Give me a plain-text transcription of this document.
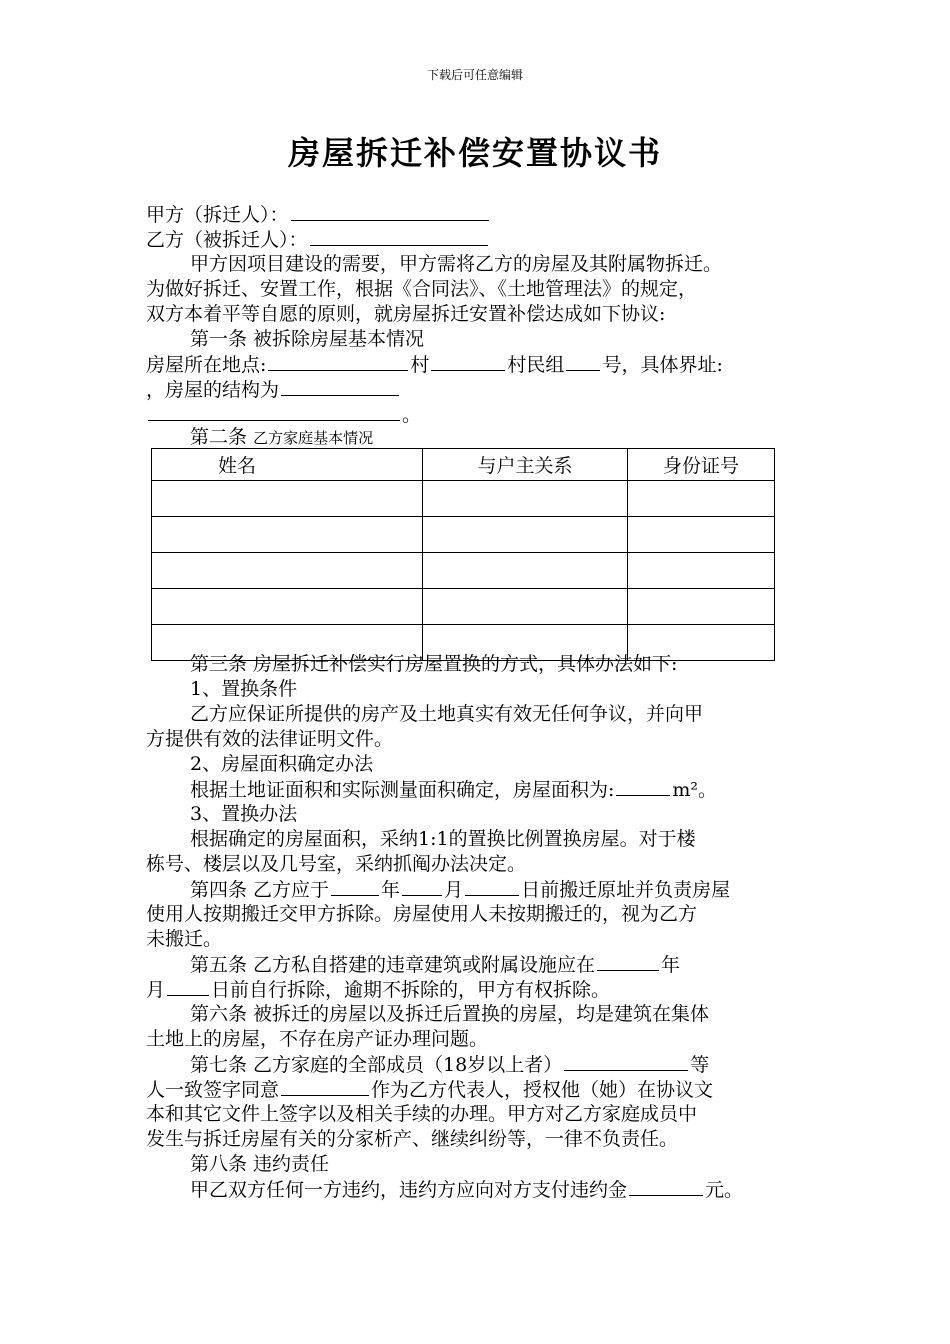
下载后可任意编辑
房屋拆迁补偿安置协议书
甲方（拆迁人）：
乙方（被拆迁人）：
甲方因项目建设的需要，甲方需将乙方的房屋及其附属物拆迁。
为做好拆迁、安置工作，根据《合同法》、《土地管理法》的规定，
双方本着平等自愿的原则，就房屋拆迁安置补偿达成如下协议:
第一条 被拆除房屋基本情况
房屋所在地点:	村	村民组 号，具体界址:
，房屋的结构为
。
第二条 乙方家庭基本情况
姓名	与户主关系	身份证号

第三条 房屋拆迁补偿实行房屋置换的方式，具体办法如下:
1、置换条件
乙方应保证所提供的房产及土地真实有效无任何争议，并向甲
方提供有效的法律证明文件。
2、房屋面积确定办法
根据土地证面积和实际测量面积确定，房屋面积为:	m²。
3、置换办法
根据确定的房屋面积，采纳1:1的置换比例置换房屋。对于楼
栋号、楼层以及几号室，采纳抓阄办法决定。
第四条 乙方应于	年 月	日前搬迁原址并负责房屋
使用人按期搬迁交甲方拆除。房屋使用人未按期搬迁的，视为乙方
未搬迁。
第五条 乙方私自搭建的违章建筑或附属设施应在	年
月 日前自行拆除，逾期不拆除的，甲方有权拆除。
第六条 被拆迁的房屋以及拆迁后置换的房屋，均是建筑在集体
土地上的房屋，不存在房产证办理问题。
第七条 乙方家庭的全部成员（18岁以上者）	等
人一致签字同意	作为乙方代表人，授权他（她）在协议文
本和其它文件上签字以及相关手续的办理。甲方对乙方家庭成员中
发生与拆迁房屋有关的分家析产、继续纠纷等，一律不负责任。
第八条 违约责任
甲乙双方任何一方违约，违约方应向对方支付违约金	元。
